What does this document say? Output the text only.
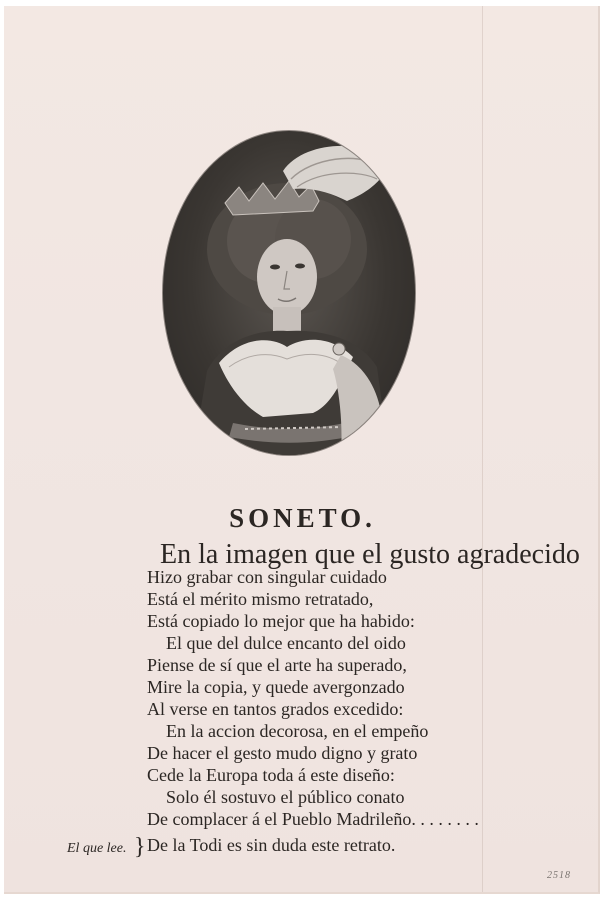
SONETO.
En la imagen que el gusto agradecido
Hizo grabar con singular cuidado
Está el mérito mismo retratado,
Está copiado lo mejor que ha habido:
El que del dulce encanto del oido
Piense de sí que el arte ha superado,
Mire la copia, y quede avergonzado
Al verse en tantos grados excedido:
En la accion decorosa, en el empeño
De hacer el gesto mudo digno y grato
Cede la Europa toda á este diseño:
Solo él sostuvo el público conato
De complacer á el Pueblo Madrileño. . . . . . . .
De la Todi es sin duda este retrato.
El que lee. }
2518
